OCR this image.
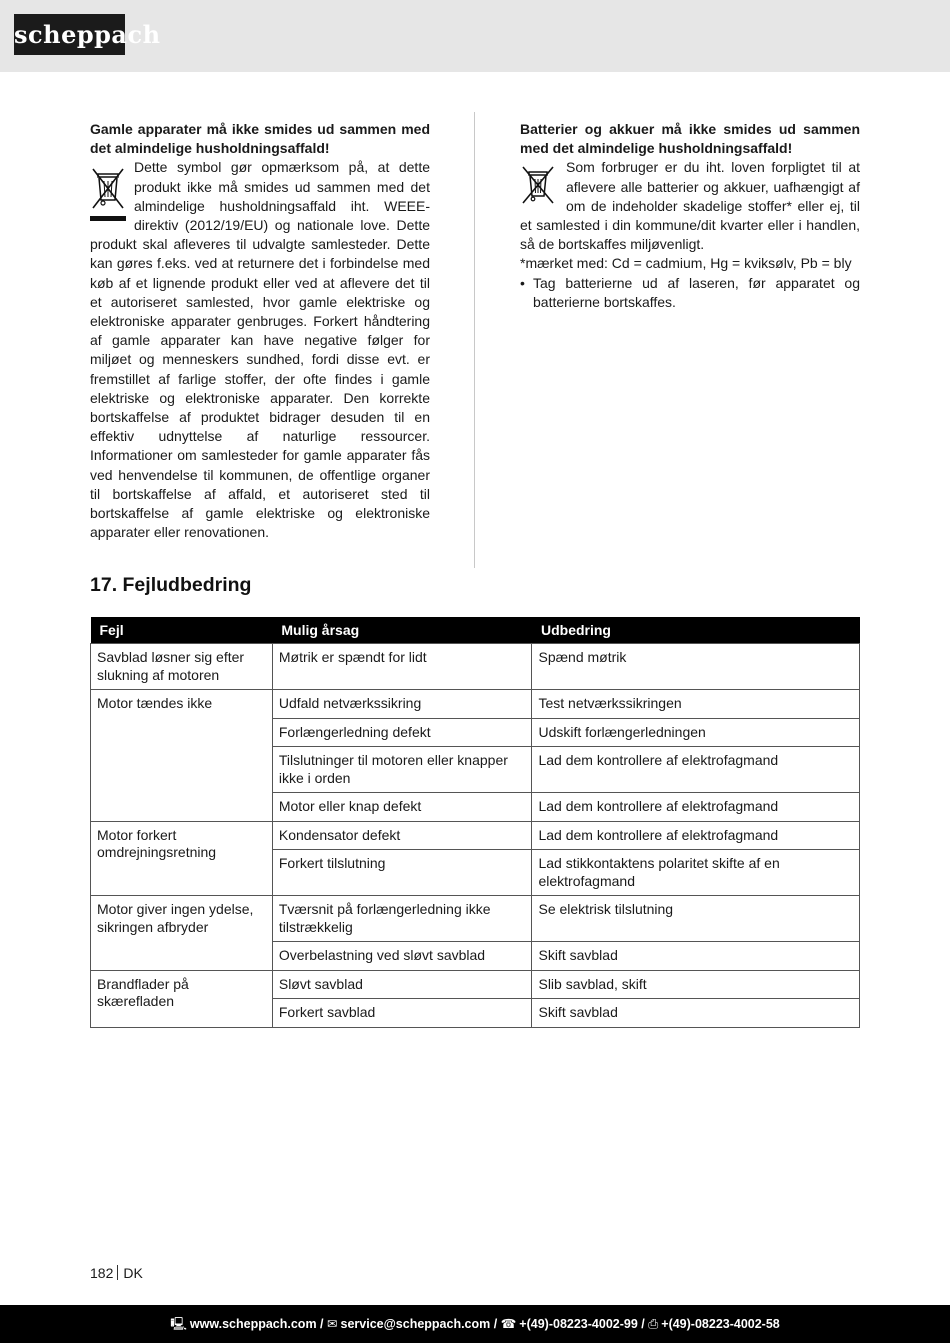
scheppach

Gamle apparater må ikke smides ud sammen med det almindelige husholdningsaffald!

Dette symbol gør opmærksom på, at dette produkt ikke må smides ud sammen med det almindelige husholdningsaffald iht. WEEE-direktiv (2012/19/EU) og nationale love. Dette produkt skal afleveres til udvalgte samlesteder. Dette kan gøres f.eks. ved at returnere det i forbindelse med køb af et lignende produkt eller ved at aflevere det til et autoriseret samlested, hvor gamle elektriske og elektroniske apparater genbruges. Forkert håndtering af gamle apparater kan have negative følger for miljøet og menneskers sundhed, fordi disse evt. er fremstillet af farlige stoffer, der ofte findes i gamle elektriske og elektroniske apparater. Den korrekte bortskaffelse af produktet bidrager desuden til en effektiv udnyttelse af naturlige ressourcer. Informationer om samlesteder for gamle apparater fås ved henvendelse til kommunen, de offentlige organer til bortskaffelse af affald, et autoriseret sted til bortskaffelse af gamle elektriske og elektroniske apparater eller renovationen.

Batterier og akkuer må ikke smides ud sammen med det almindelige husholdningsaffald!

Som forbruger er du iht. loven forpligtet til at aflevere alle batterier og akkuer, uafhængigt af om de indeholder skadelige stoffer* eller ej, til et samlested i din kommune/dit kvarter eller i handlen, så de bortskaffes miljøvenligt.

*mærket med: Cd = cadmium, Hg = kviksølv, Pb = bly

• Tag batterierne ud af laseren, før apparatet og batterierne bortskaffes.
17. Fejludbedring
Fejl	Mulig årsag	Udbedring
Savblad løsner sig efter slukning af motoren	Møtrik er spændt for lidt	Spænd møtrik
Motor tændes ikke	Udfald netværkssikring	Test netværkssikringen
	Forlængerledning defekt	Udskift forlængerledningen
	Tilslutninger til motoren eller knapper ikke i orden	Lad dem kontrollere af elektrofagmand
	Motor eller knap defekt	Lad dem kontrollere af elektrofagmand
Motor forkert omdrejningsretning	Kondensator defekt	Lad dem kontrollere af elektrofagmand
	Forkert tilslutning	Lad stikkontaktens polaritet skifte af en elektrofagmand
Motor giver ingen ydelse, sikringen afbryder	Tværsnit på forlængerledning ikke tilstrækkelig	Se elektrisk tilslutning
	Overbelastning ved sløvt savblad	Skift savblad
Brandflader på skærefladen	Sløvt savblad	Slib savblad, skift
	Forkert savblad	Skift savblad
182 DK
🖳 www.scheppach.com / ✉ service@scheppach.com / ☎ +(49)-08223-4002-99 / ⎙ +(49)-08223-4002-58
